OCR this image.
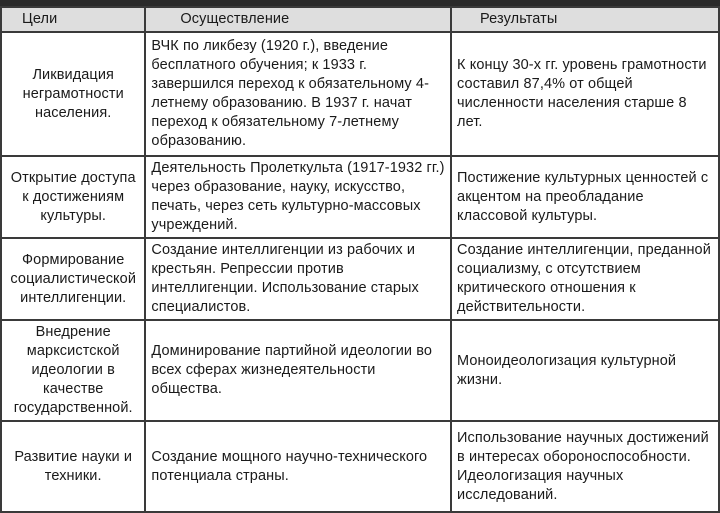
Цели	Осуществление	Результаты
Ликвидация неграмотности населения.	ВЧК по ликбезу (1920 г.), введение бесплатного обучения; к 1933 г. завершился переход к обязательному 4-летнему образованию. В 1937 г. начат переход к обязательному 7-летнему образованию.	К концу 30-х гг. уровень грамотности составил 87,4% от общей численности населения старше 8 лет.
Открытие доступа к достижениям культуры.	Деятельность Пролеткульта (1917-1932 гг.) через образование, науку, искусство, печать, через сеть культурно-массовых учреждений.	Постижение культурных ценностей с акцентом на преобладание классовой культуры.
Формирование социалистической интеллигенции.	Создание интеллигенции из рабочих и крестьян. Репрессии против интеллигенции. Использование старых специалистов.	Создание интеллигенции, преданной социализму, с отсутствием критического отношения к действительности.
Внедрение марксистской идеологии в качестве государственной.	Доминирование партийной идеологии во всех сферах жизнедеятельности общества.	Моноидеологизация культурной жизни.
Развитие науки и техники.	Создание мощного научно-технического потенциала страны.	Использование научных достижений в интересах обороноспособности. Идеологизация научных исследований.
